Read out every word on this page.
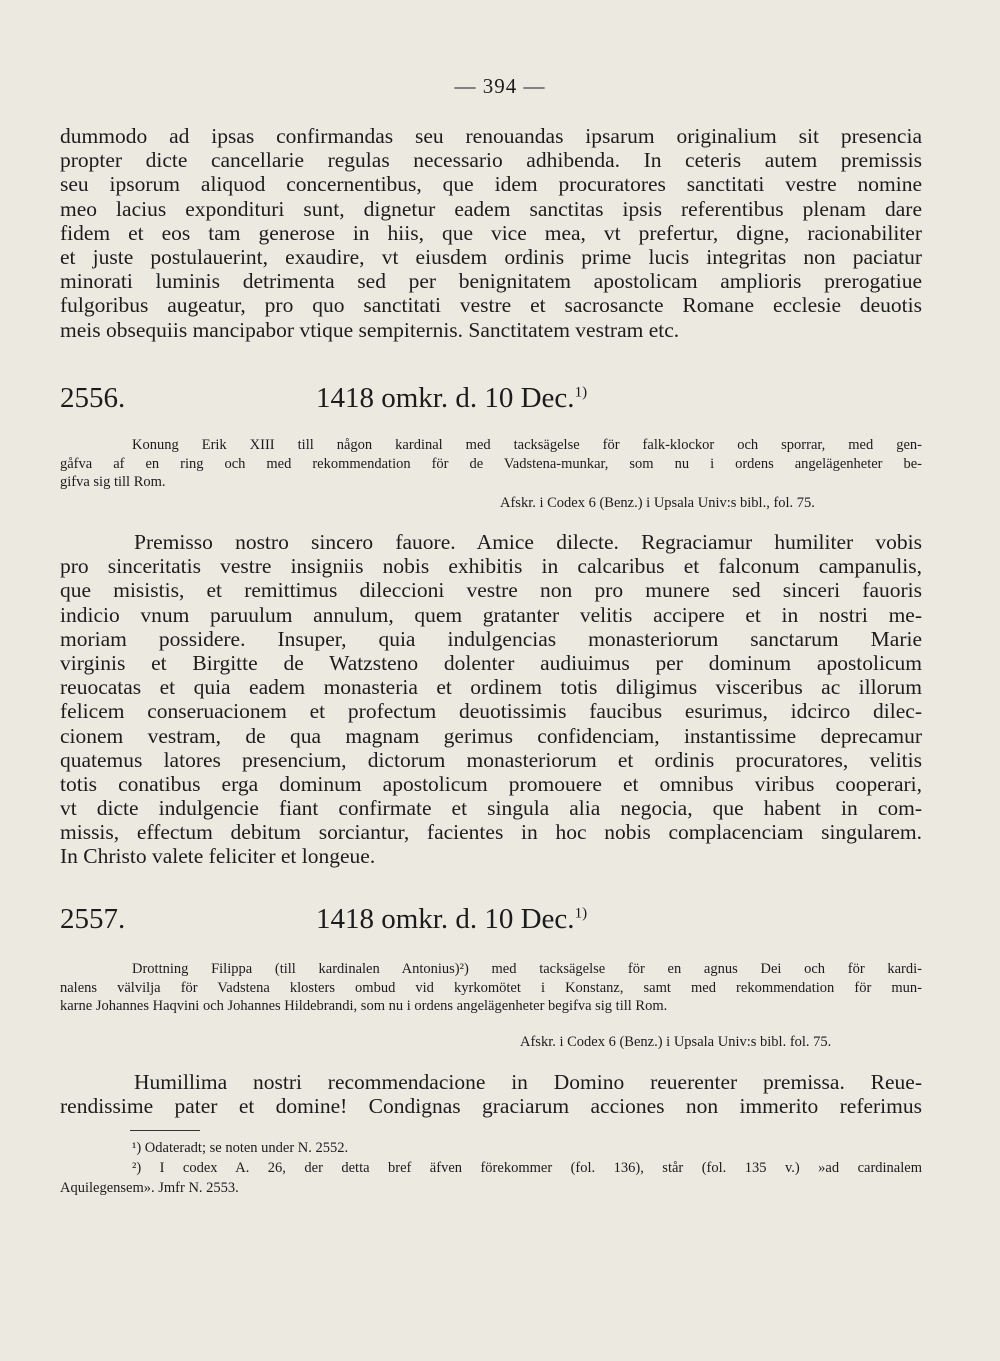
— 394 —
dummodo ad ipsas confirmandas seu renouandas ipsarum originalium sit presencia
propter dicte cancellarie regulas necessario adhibenda. In ceteris autem premissis
seu ipsorum aliquod concernentibus, que idem procuratores sanctitati vestre nomine
meo lacius expondituri sunt, dignetur eadem sanctitas ipsis referentibus plenam dare
fidem et eos tam generose in hiis, que vice mea, vt prefertur, digne, racionabiliter
et juste postulauerint, exaudire, vt eiusdem ordinis prime lucis integritas non paciatur
minorati luminis detrimenta sed per benignitatem apostolicam amplioris prerogatiue
fulgoribus augeatur, pro quo sanctitati vestre et sacrosancte Romane ecclesie deuotis
meis obsequiis mancipabor vtique sempiternis. Sanctitatem vestram etc.
2556.	1418 omkr. d. 10 Dec.$^{1)}$
Konung Erik XIII till någon kardinal med tacksägelse för falk-klockor och sporrar, med gen-
gåfva af en ring och med rekommendation för de Vadstena-munkar, som nu i ordens angelägenheter be-
gifva sig till Rom.
Afskr. i Codex 6 (Benz.) i Upsala Univ:s bibl., fol. 75.
Premisso nostro sincero fauore. Amice dilecte. Regraciamur humiliter vobis
pro sinceritatis vestre insigniis nobis exhibitis in calcaribus et falconum campanulis,
que misistis, et remittimus dileccioni vestre non pro munere sed sinceri fauoris
indicio vnum paruulum annulum, quem gratanter velitis accipere et in nostri me-
moriam possidere. Insuper, quia indulgencias monasteriorum sanctarum Marie
virginis et Birgitte de Watzsteno dolenter audiuimus per dominum apostolicum
reuocatas et quia eadem monasteria et ordinem totis diligimus visceribus ac illorum
felicem conseruacionem et profectum deuotissimis faucibus esurimus, idcirco dilec-
cionem vestram, de qua magnam gerimus confidenciam, instantissime deprecamur
quatemus latores presencium, dictorum monasteriorum et ordinis procuratores, velitis
totis conatibus erga dominum apostolicum promouere et omnibus viribus cooperari,
vt dicte indulgencie fiant confirmate et singula alia negocia, que habent in com-
missis, effectum debitum sorciantur, facientes in hoc nobis complacenciam singularem.
In Christo valete feliciter et longeue.
2557.	1418 omkr. d. 10 Dec.$^{1)}$
Drottning Filippa (till kardinalen Antonius)²) med tacksägelse för en agnus Dei och för kardi-
nalens välvilja för Vadstena klosters ombud vid kyrkomötet i Konstanz, samt med rekommendation för mun-
karne Johannes Haqvini och Johannes Hildebrandi, som nu i ordens angelägenheter begifva sig till Rom.
Afskr. i Codex 6 (Benz.) i Upsala Univ:s bibl. fol. 75.
Humillima nostri recommendacione in Domino reuerenter premissa. Reue-
rendissime pater et domine! Condignas graciarum acciones non immerito referimus
¹) Odateradt; se noten under N. 2552.
²) I codex A. 26, der detta bref äfven förekommer (fol. 136), står (fol. 135 v.) »ad cardinalem
Aquilegensem». Jmfr N. 2553.
